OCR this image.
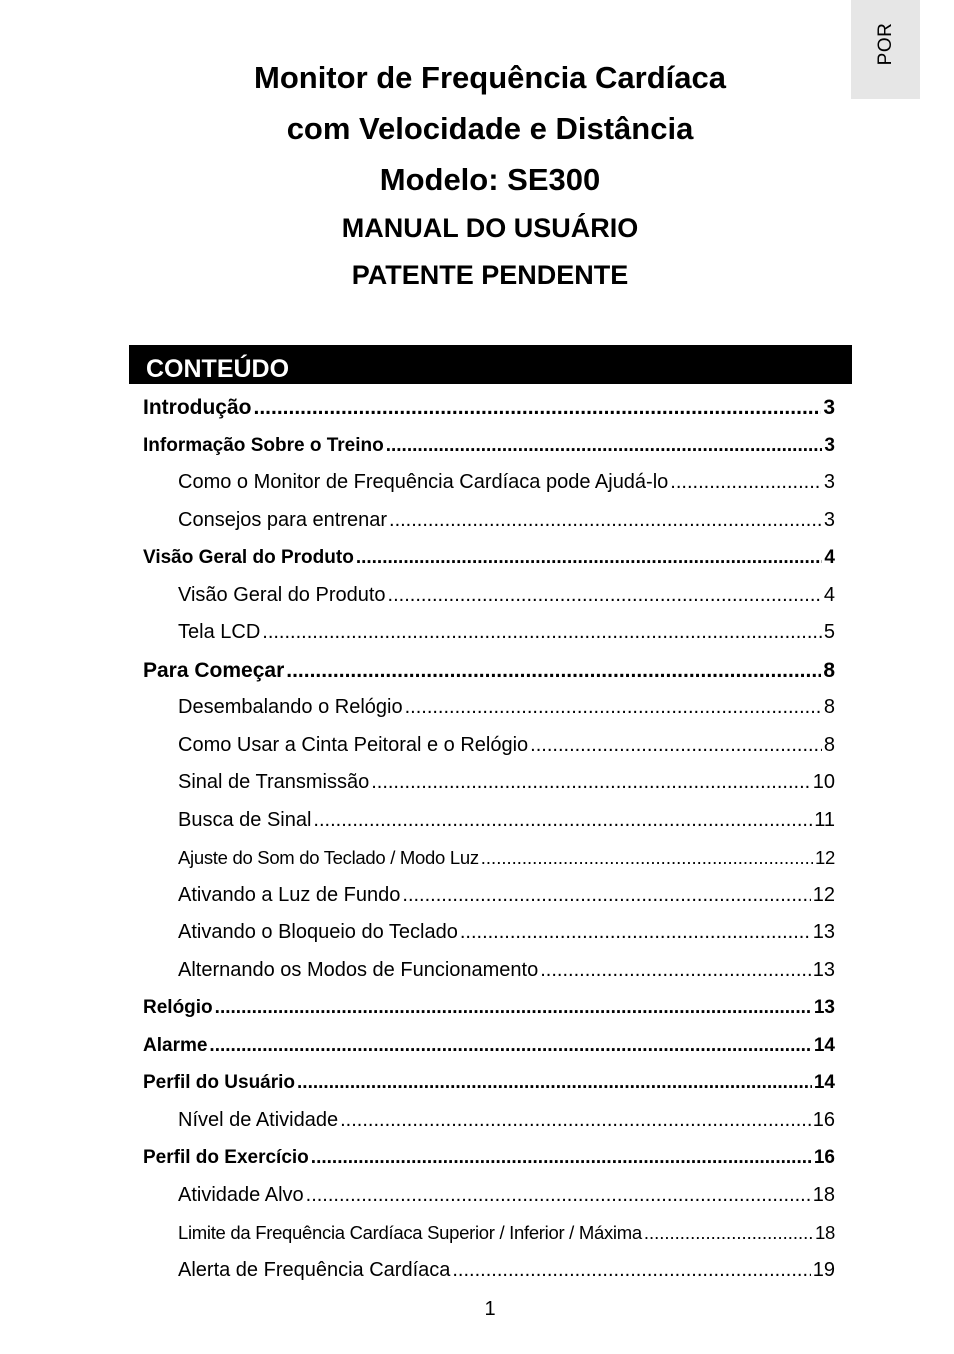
POR
Monitor de Frequência Cardíaca
com Velocidade e Distância
Modelo: SE300
MANUAL DO USUÁRIO
PATENTE PENDENTE
CONTEÚDO
Introdução .....	3
Informação Sobre o Treino .....	3
Como o Monitor de Frequência Cardíaca pode Ajudá-lo .....	3
Consejos para entrenar .....	3
Visão Geral do Produto .....	4
Visão Geral do Produto .....	4
Tela LCD .....	5
Para Começar .....	8
Desembalando o Relógio .....	8
Como Usar a Cinta Peitoral e o Relógio .....	8
Sinal de Transmissão .....	10
Busca de Sinal .....	11
Ajuste do Som do Teclado / Modo Luz .....	12
Ativando a Luz de Fundo .....	12
Ativando o Bloqueio do Teclado .....	13
Alternando os Modos de Funcionamento .....	13
Relógio .....	13
Alarme .....	14
Perfil do Usuário .....	14
Nível de Atividade .....	16
Perfil do Exercício .....	16
Atividade Alvo .....	18
Limite da Frequência Cardíaca Superior / Inferior / Máxima .....	18
Alerta de Frequência Cardíaca .....	19
1
